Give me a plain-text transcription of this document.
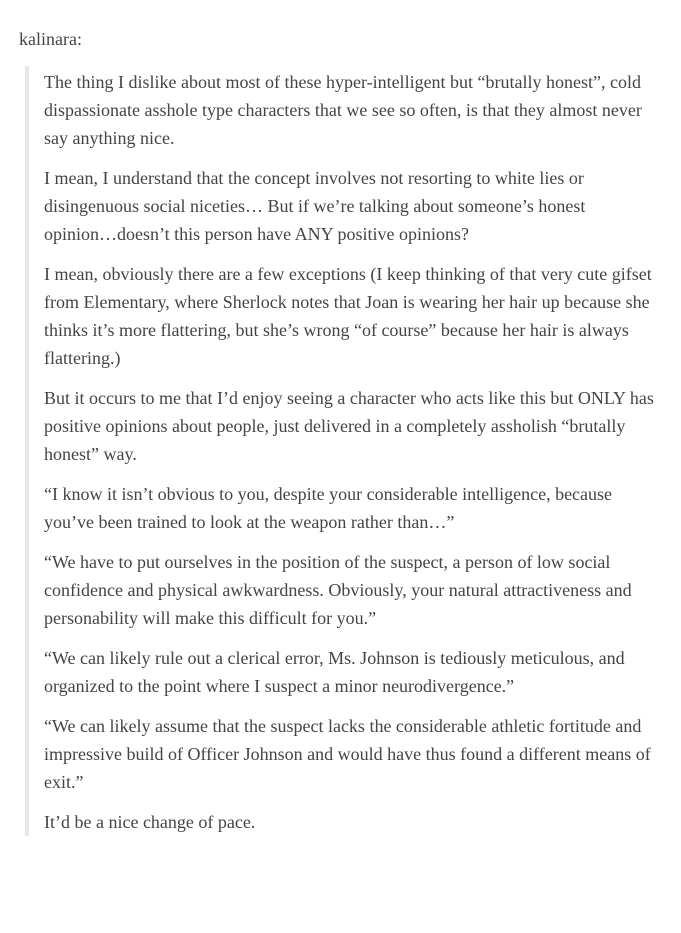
kalinara:

The thing I dislike about most of these hyper-intelligent but “brutally honest”, cold dispassionate asshole type characters that we see so often, is that they almost never say anything nice.

I mean, I understand that the concept involves not resorting to white lies or disingenuous social niceties… But if we’re talking about someone’s honest opinion…doesn’t this person have ANY positive opinions?

I mean, obviously there are a few exceptions (I keep thinking of that very cute gifset from Elementary, where Sherlock notes that Joan is wearing her hair up because she thinks it’s more flattering, but she’s wrong “of course” because her hair is always flattering.)

But it occurs to me that I’d enjoy seeing a character who acts like this but ONLY has positive opinions about people, just delivered in a completely assholish “brutally honest” way.

“I know it isn’t obvious to you, despite your considerable intelligence, because you’ve been trained to look at the weapon rather than…”

“We have to put ourselves in the position of the suspect, a person of low social confidence and physical awkwardness. Obviously, your natural attractiveness and personability will make this difficult for you.”

“We can likely rule out a clerical error, Ms. Johnson is tediously meticulous, and organized to the point where I suspect a minor neurodivergence.”

“We can likely assume that the suspect lacks the considerable athletic fortitude and impressive build of Officer Johnson and would have thus found a different means of exit.”

It’d be a nice change of pace.
